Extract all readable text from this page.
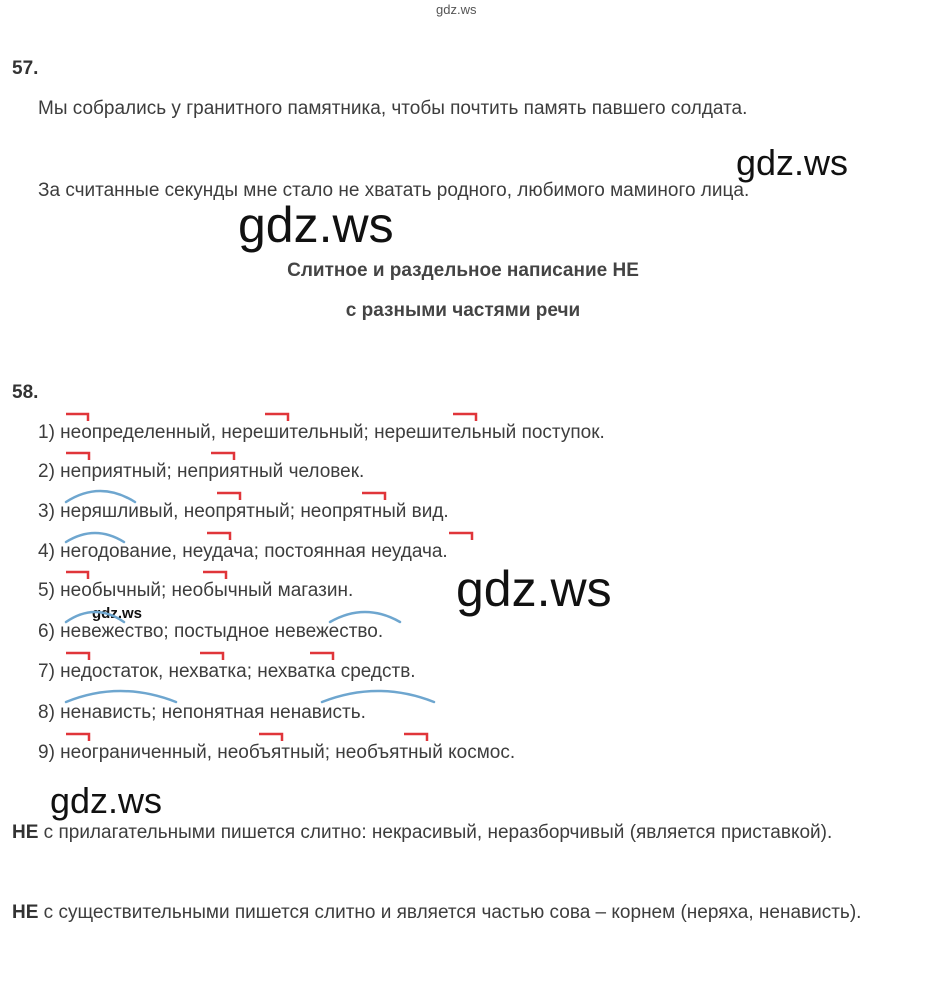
gdz.ws
57.
Мы собрались у гранитного памятника, чтобы почтить память павшего солдата.
gdz.ws
За считанные секунды мне стало не хватать родного, любимого маминого лица.
gdz.ws
Слитное и раздельное написание НЕ
с разными частями речи
58.
1) неопределенный, нерешительный; нерешительный поступок.
2) неприятный; неприятный человек.
3) неряшливый, неопрятный; неопрятный вид.
4) негодование, неудача; постоянная неудача.
5) необычный; необычный магазин.
6) невежество; постыдное невежество.
7) недостаток, нехватка; нехватка средств.
8) ненависть; непонятная ненависть.
9) неограниченный, необъятный; необъятный космос.
gdz.ws
gdz.ws
gdz.ws
НЕ с прилагательными пишется слитно: некрасивый, неразборчивый (является приставкой).
НЕ с существительными пишется слитно и является частью сова – корнем (неряха, ненависть).
